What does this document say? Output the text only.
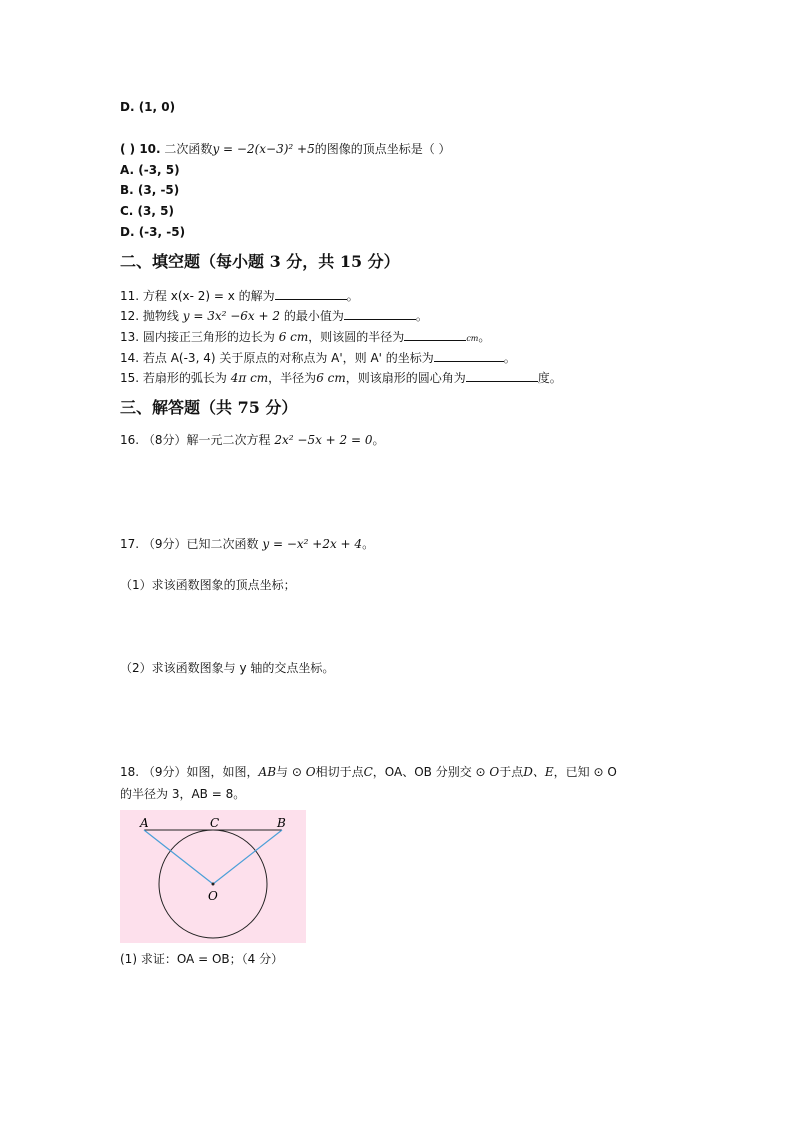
D. (1, 0)
( ) 10. 二次函数y = −2(x−3)² +5的图像的顶点坐标是（ ）
A. (-3, 5)
B. (3, -5)
C. (3, 5)
D. (-3, -5)
二、填空题（每小题 3 分，共 15 分）
11. 方程 x(x- 2) = x 的解为	。
12. 抛物线 y = 3x² −6x + 2 的最小值为	。
13. 圆内接正三角形的边长为 6 cm，则该圆的半径为	cm。
14. 若点 A(-3, 4) 关于原点的对称点为 A'，则 A' 的坐标为	。
15. 若扇形的弧长为 4π cm，半径为6 cm，则该扇形的圆心角为	度。
三、解答题（共 75 分）
16. （8分）解一元二次方程 2x² −5x + 2 = 0。
17. （9分）已知二次函数 y = −x² +2x + 4。
（1）求该函数图象的顶点坐标；
（2）求该函数图象与 y 轴的交点坐标。
18. （9分）如图，如图，AB与 ⊙ O相切于点C，OA、OB 分别交 ⊙ O于点D、E，已知 ⊙ O
的半径为 3，AB = 8。
A	C	B
O
(1) 求证：OA = OB；（4 分）
